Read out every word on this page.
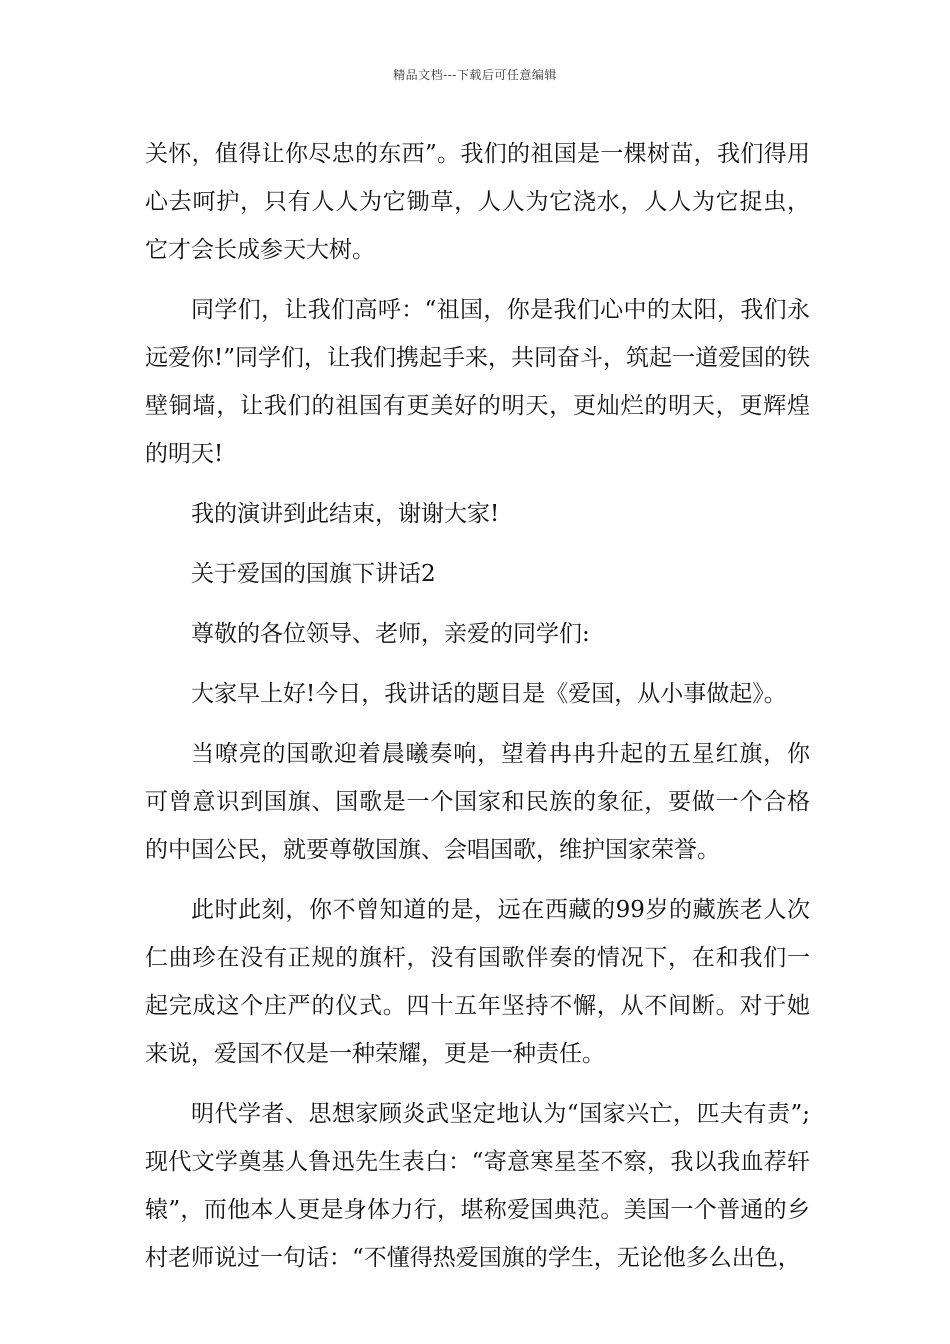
精品文档---下载后可任意编辑

关怀，值得让你尽忠的东西”。我们的祖国是一棵树苗，我们得用心去呵护，只有人人为它锄草，人人为它浇水，人人为它捉虫，它才会长成参天大树。

同学们，让我们高呼：“祖国，你是我们心中的太阳，我们永远爱你!”同学们，让我们携起手来，共同奋斗，筑起一道爱国的铁壁铜墙，让我们的祖国有更美好的明天，更灿烂的明天，更辉煌的明天!

我的演讲到此结束，谢谢大家!

关于爱国的国旗下讲话2

尊敬的各位领导、老师，亲爱的同学们:

大家早上好!今日，我讲话的题目是《爱国，从小事做起》。

当嘹亮的国歌迎着晨曦奏响，望着冉冉升起的五星红旗，你可曾意识到国旗、国歌是一个国家和民族的象征，要做一个合格的中国公民，就要尊敬国旗、会唱国歌，维护国家荣誉。

此时此刻，你不曾知道的是，远在西藏的99岁的藏族老人次仁曲珍在没有正规的旗杆，没有国歌伴奏的情况下，在和我们一起完成这个庄严的仪式。四十五年坚持不懈，从不间断。对于她来说，爱国不仅是一种荣耀，更是一种责任。

明代学者、思想家顾炎武坚定地认为“国家兴亡，匹夫有责”;现代文学奠基人鲁迅先生表白：“寄意寒星荃不察，我以我血荐轩辕”，而他本人更是身体力行，堪称爱国典范。美国一个普通的乡村老师说过一句话：“不懂得热爱国旗的学生，无论他多么出色，
